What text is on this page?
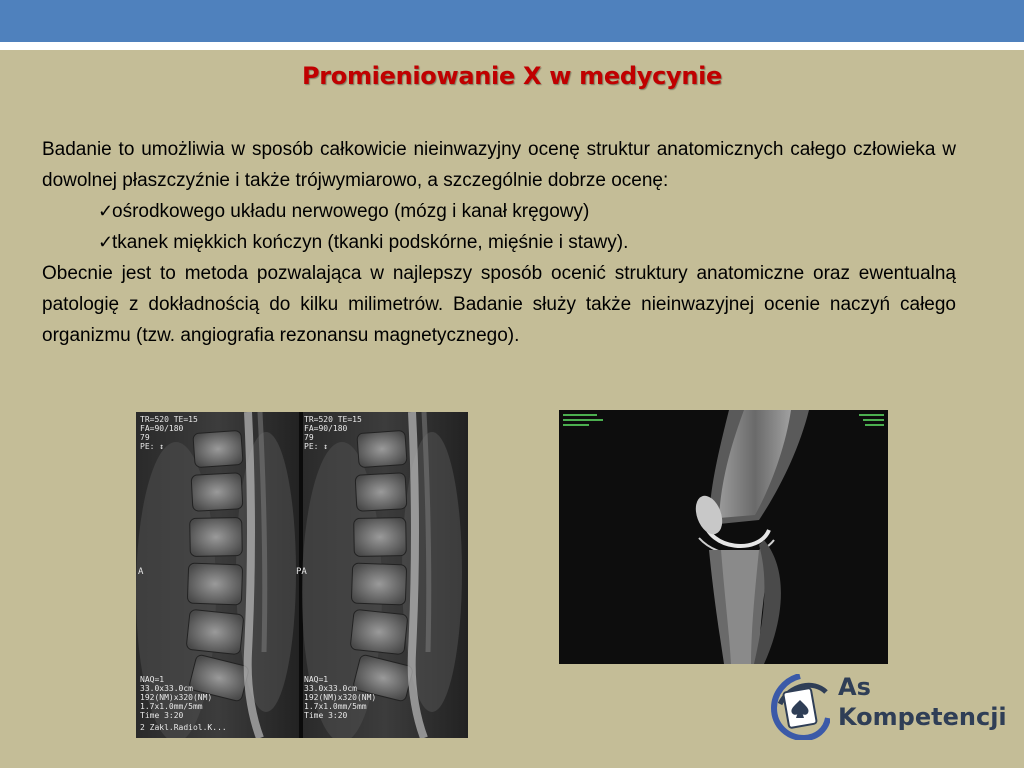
Promieniowanie X w medycynie

Badanie to umożliwia w sposób całkowicie nieinwazyjny ocenę struktur anatomicznych całego człowieka w dowolnej płaszczyźnie i także trójwymiarowo, a szczególnie dobrze ocenę:

✓ośrodkowego układu nerwowego (mózg i kanał kręgowy)
✓tkanek miękkich kończyn (tkanki podskórne, mięśnie i stawy).

Obecnie jest to metoda pozwalająca w najlepszy sposób ocenić struktury anatomiczne oraz ewentualną patologię z dokładnością do kilku milimetrów. Badanie służy także nieinwazyjnej ocenie naczyń całego organizmu (tzw. angiografia rezonansu magnetycznego).

TR=520 TE=15
FA=90/180
79
PE: ↕
TR=520 TE=15
FA=90/180
79
PE: ↕
A	PA
NAQ=1
33.0x33.0cm
192(NM)x320(NM)
1.7x1.0mm/5mm
Time 3:20
2 Zakl.Radiol.K...
NAQ=1
33.0x33.0cm
192(NM)x320(NM)
1.7x1.0mm/5mm
Time 3:20
As
Kompetencji
